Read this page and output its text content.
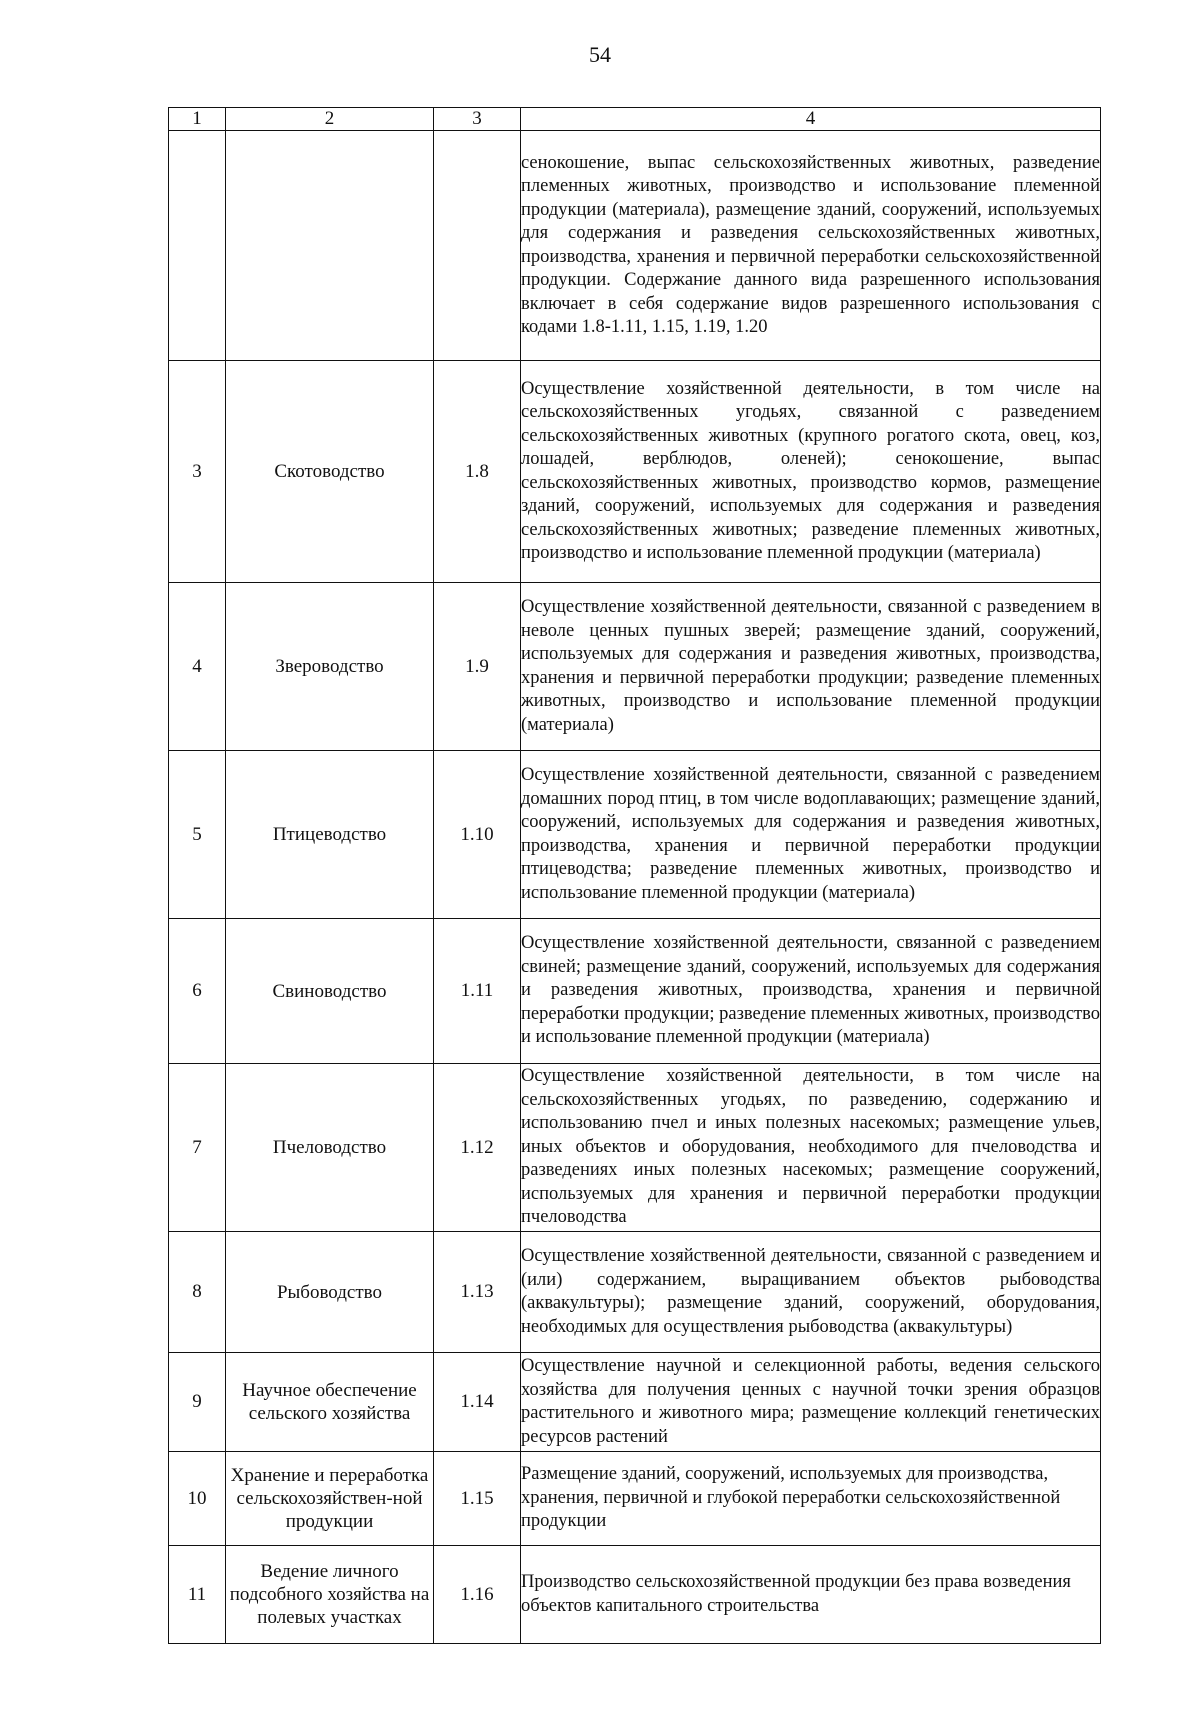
54
1	2	3	4
			сенокошение, выпас сельскохозяйственных животных, разведение племенных животных, производство и использование племенной продукции (материала), размещение зданий, сооружений, используемых для содержания и разведения сельскохозяйственных животных, производства, хранения и первичной переработки сельскохозяйственной продукции. Содержание данного вида разрешенного использования включает в себя содержание видов разрешенного использования с кодами 1.8-1.11, 1.15, 1.19, 1.20
3	Скотоводство	1.8	Осуществление хозяйственной деятельности, в том числе на сельскохозяйственных угодьях, связанной с разведением сельскохозяйственных животных (крупного рогатого скота, овец, коз, лошадей, верблюдов, оленей); сенокошение, выпас сельскохозяйственных животных, производство кормов, размещение зданий, сооружений, используемых для содержания и разведения сельскохозяйственных животных; разведение племенных животных, производство и использование племенной продукции (материала)
4	Звероводство	1.9	Осуществление хозяйственной деятельности, связанной с разведением в неволе ценных пушных зверей; размещение зданий, сооружений, используемых для содержания и разведения животных, производства, хранения и первичной переработки продукции; разведение племенных животных, производство и использование племенной продукции (материала)
5	Птицеводство	1.10	Осуществление хозяйственной деятельности, связанной с разведением домашних пород птиц, в том числе водоплавающих; размещение зданий, сооружений, используемых для содержания и разведения животных, производства, хранения и первичной переработки продукции птицеводства; разведение племенных животных, производство и использование племенной продукции (материала)
6	Свиноводство	1.11	Осуществление хозяйственной деятельности, связанной с разведением свиней; размещение зданий, сооружений, используемых для содержания и разведения животных, производства, хранения и первичной переработки продукции; разведение племенных животных, производство и использование племенной продукции (материала)
7	Пчеловодство	1.12	Осуществление хозяйственной деятельности, в том числе на сельскохозяйственных угодьях, по разведению, содержанию и использованию пчел и иных полезных насекомых; размещение ульев, иных объектов и оборудования, необходимого для пчеловодства и разведениях иных полезных насекомых; размещение сооружений, используемых для хранения и первичной переработки продукции пчеловодства
8	Рыбоводство	1.13	Осуществление хозяйственной деятельности, связанной с разведением и (или) содержанием, выращиванием объектов рыбоводства (аквакультуры); размещение зданий, сооружений, оборудования, необходимых для осуществления рыбоводства (аквакультуры)
9	Научное обеспечение сельского хозяйства	1.14	Осуществление научной и селекционной работы, ведения сельского хозяйства для получения ценных с научной точки зрения образцов растительного и животного мира; размещение коллекций генетических ресурсов растений
10	Хранение и переработка сельскохозяйствен-ной продукции	1.15	Размещение зданий, сооружений, используемых для производства, хранения, первичной и глубокой переработки сельскохозяйственной продукции
11	Ведение личного подсобного хозяйства на полевых участках	1.16	Производство сельскохозяйственной продукции без права возведения объектов капитального строительства
